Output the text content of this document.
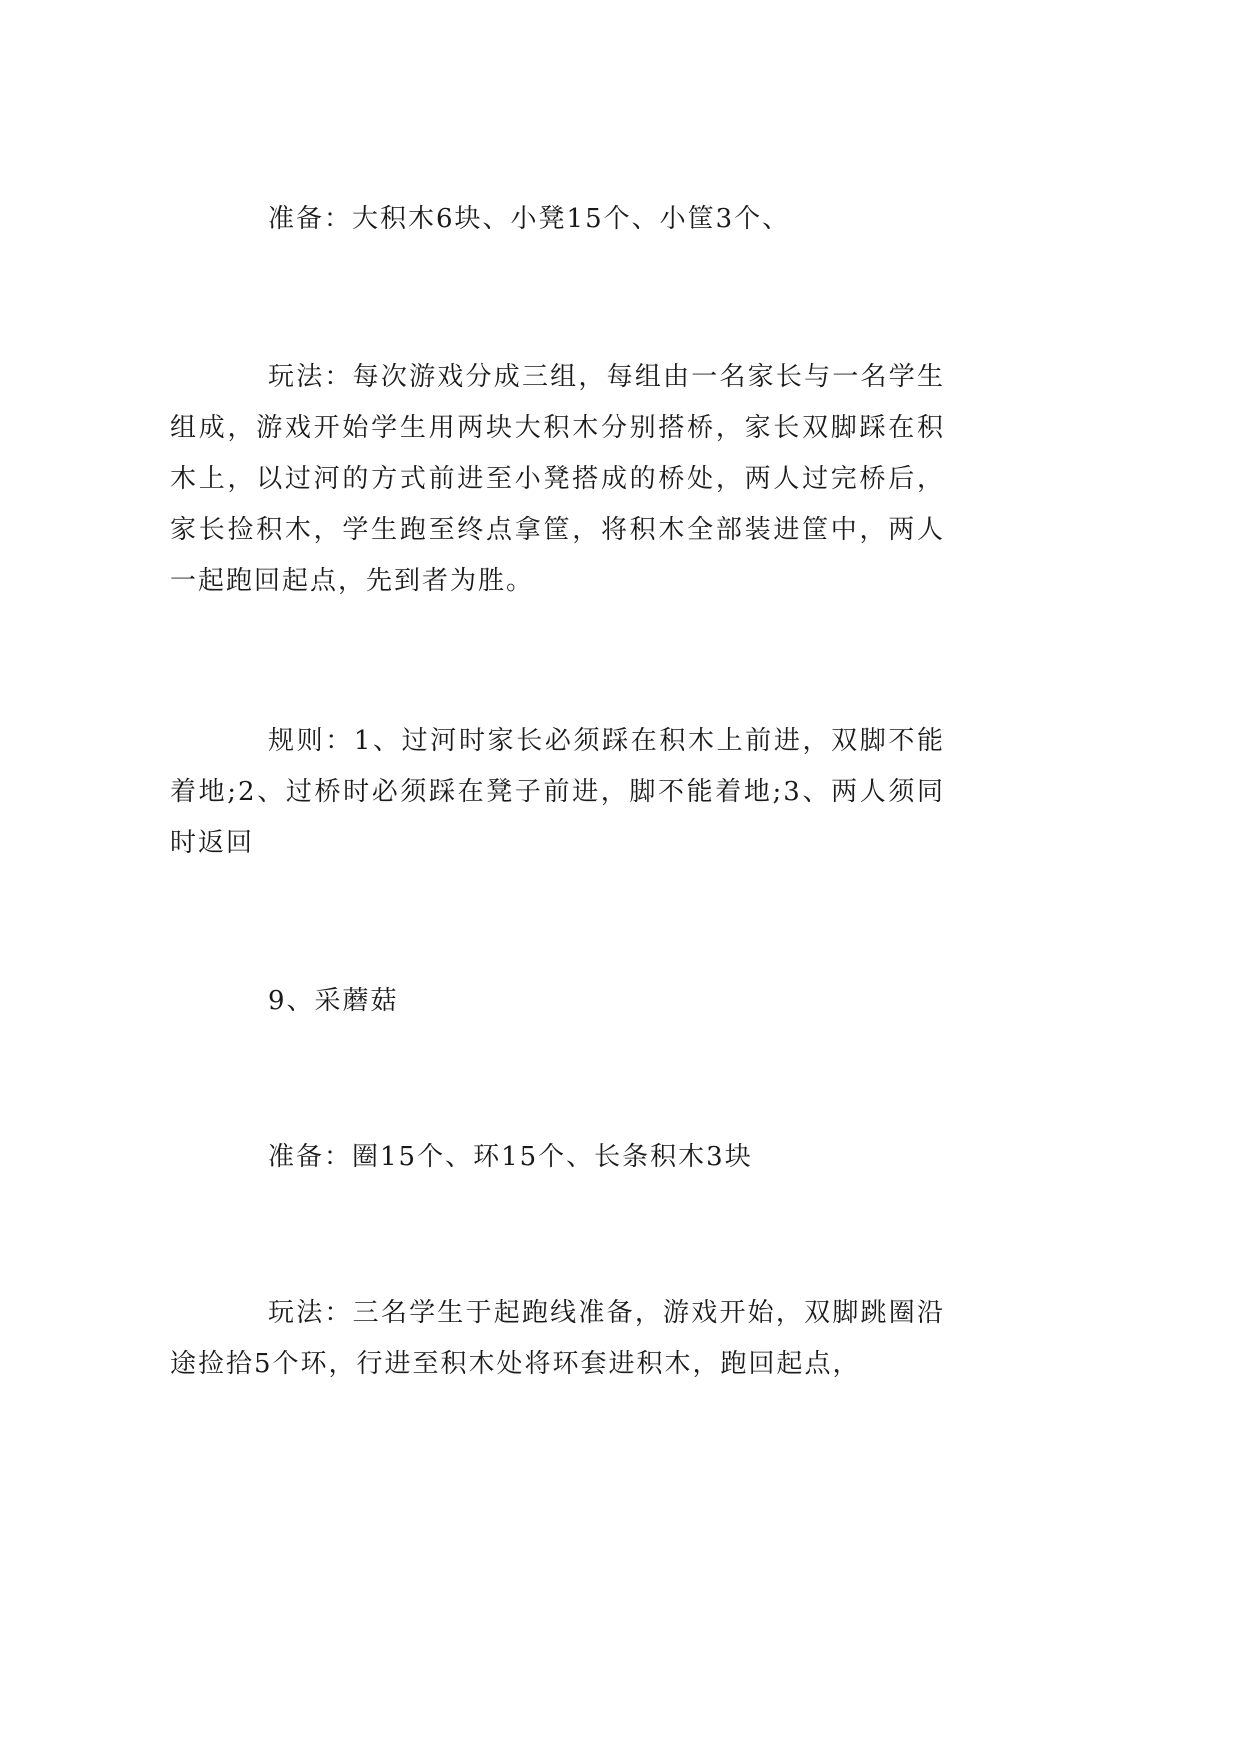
准备：大积木6块、小凳15个、小筐3个、

玩法：每次游戏分成三组，每组由一名家长与一名学生组成，游戏开始学生用两块大积木分别搭桥，家长双脚踩在积木上，以过河的方式前进至小凳搭成的桥处，两人过完桥后，家长捡积木，学生跑至终点拿筐，将积木全部装进筐中，两人一起跑回起点，先到者为胜。

规则：1、过河时家长必须踩在积木上前进，双脚不能着地;2、过桥时必须踩在凳子前进，脚不能着地;3、两人须同时返回

9、采蘑菇

准备：圈15个、环15个、长条积木3块

玩法：三名学生于起跑线准备，游戏开始，双脚跳圈沿途捡拾5个环，行进至积木处将环套进积木，跑回起点，
